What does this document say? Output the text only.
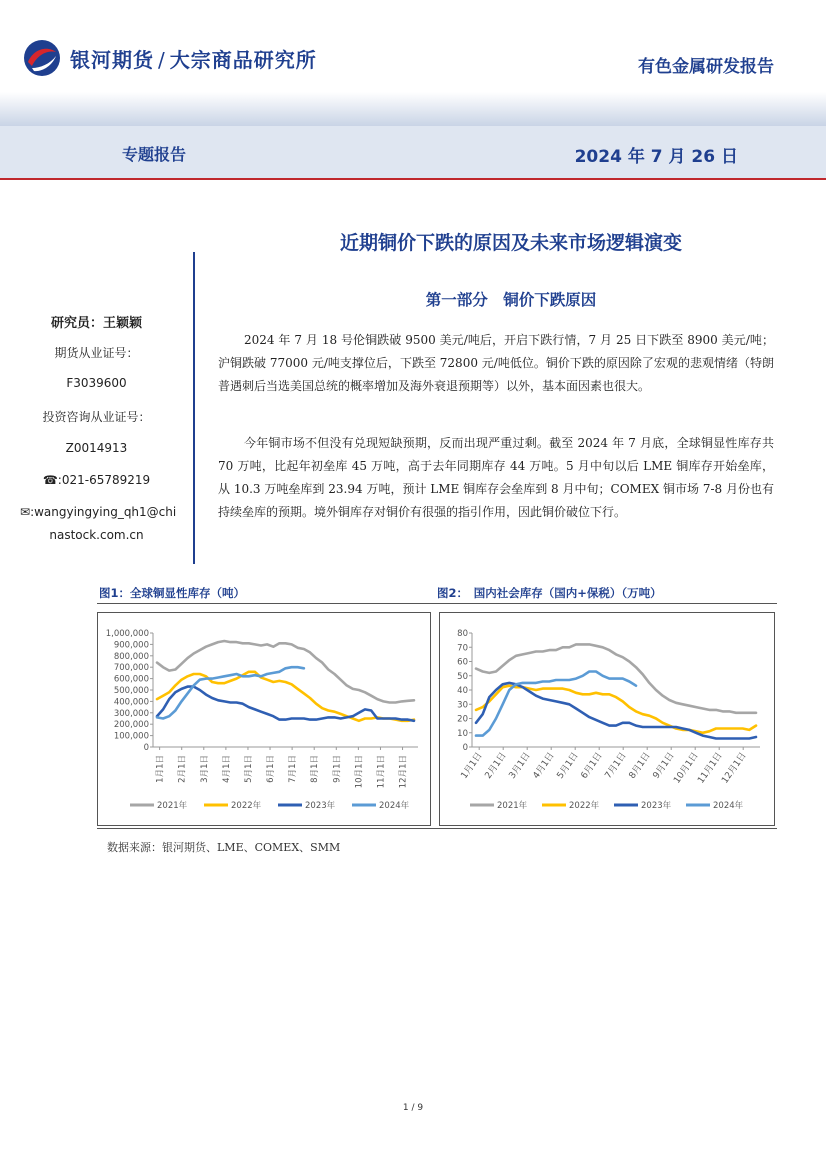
银河期货 / 大宗商品研究所	有色金属研发报告
专题报告	2024 年 7 月 26 日
近期铜价下跌的原因及未来市场逻辑演变
第一部分　铜价下跌原因
研究员：王颖颖
期货从业证号：
F3039600
投资咨询从业证号：
Z0014913
☎:021-65789219
✉:wangyingying_qh1@chi
nastock.com.cn

2024 年 7 月 18 号伦铜跌破 9500 美元/吨后，开启下跌行情，7 月 25 日下跌至 8900 美元/吨；沪铜跌破 77000 元/吨支撑位后，下跌至 72800 元/吨低位。铜价下跌的原因除了宏观的悲观情绪（特朗普遇刺后当选美国总统的概率增加及海外衰退预期等）以外，基本面因素也很大。

今年铜市场不但没有兑现短缺预期，反而出现严重过剩。截至 2024 年 7 月底，全球铜显性库存共 70 万吨，比起年初垒库 45 万吨，高于去年同期库存 44 万吨。5 月中旬以后 LME 铜库存开始垒库，从 10.3 万吨垒库到 23.94 万吨，预计 LME 铜库存会垒库到 8 月中旬；COMEX 铜市场 7-8 月份也有持续垒库的预期。境外铜库存对铜价有很强的指引作用，因此铜价破位下行。

图1：全球铜显性库存（吨）	图2：　国内社会库存（国内+保税）（万吨）
0
100,000
200,000
300,000
400,000
500,000
600,000
700,000
800,000
900,000
1,000,000
1月1日 2月1日 3月1日 4月1日 5月1日 6月1日 7月1日 8月1日 9月1日 10月1日 11月1日 12月1日
2021年	2022年	2023年	2024年
0
10
20
30
40
50
60
70
80
1月1日
2月1日
3月1日
4月1日
5月1日
6月1日
7月1日
8月1日
9月1日
10月1日
11月1日
12月1日
2021年	2022年	2023年	2024年
数据来源：银河期货、LME、COMEX、SMM
1 / 9
